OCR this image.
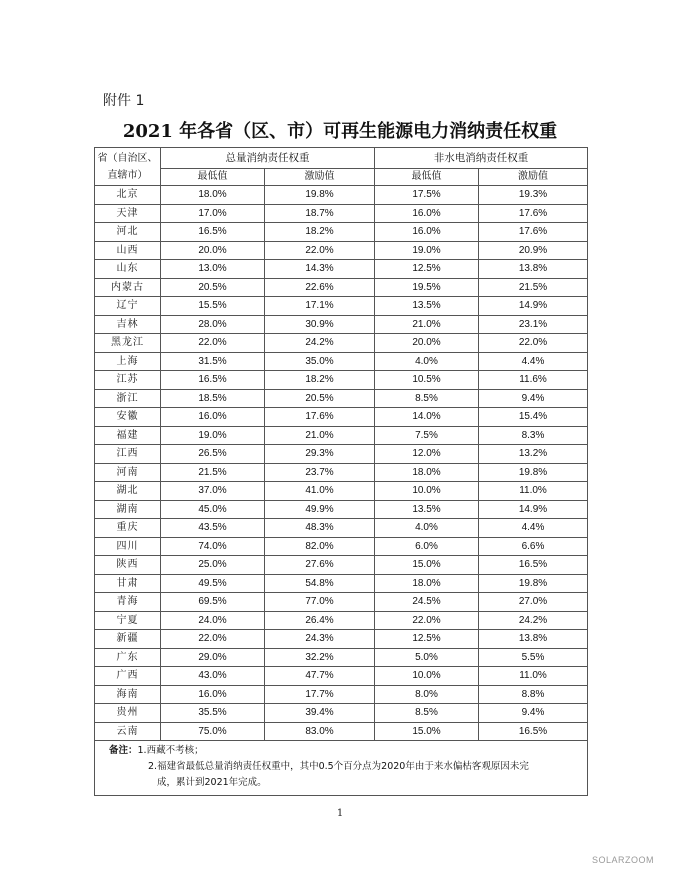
附件 1
2021 年各省（区、市）可再生能源电力消纳责任权重
省（自治区、
直辖市）	总量消纳责任权重		非水电消纳责任权重	
	最低值	激励值	最低值	激励值
北京	18.0%	19.8%	17.5%	19.3%
天津	17.0%	18.7%	16.0%	17.6%
河北	16.5%	18.2%	16.0%	17.6%
山西	20.0%	22.0%	19.0%	20.9%
山东	13.0%	14.3%	12.5%	13.8%
内蒙古	20.5%	22.6%	19.5%	21.5%
辽宁	15.5%	17.1%	13.5%	14.9%
吉林	28.0%	30.9%	21.0%	23.1%
黑龙江	22.0%	24.2%	20.0%	22.0%
上海	31.5%	35.0%	4.0%	4.4%
江苏	16.5%	18.2%	10.5%	11.6%
浙江	18.5%	20.5%	8.5%	9.4%
安徽	16.0%	17.6%	14.0%	15.4%
福建	19.0%	21.0%	7.5%	8.3%
江西	26.5%	29.3%	12.0%	13.2%
河南	21.5%	23.7%	18.0%	19.8%
湖北	37.0%	41.0%	10.0%	11.0%
湖南	45.0%	49.9%	13.5%	14.9%
重庆	43.5%	48.3%	4.0%	4.4%
四川	74.0%	82.0%	6.0%	6.6%
陕西	25.0%	27.6%	15.0%	16.5%
甘肃	49.5%	54.8%	18.0%	19.8%
青海	69.5%	77.0%	24.5%	27.0%
宁夏	24.0%	26.4%	22.0%	24.2%
新疆	22.0%	24.3%	12.5%	13.8%
广东	29.0%	32.2%	5.0%	5.5%
广西	43.0%	47.7%	10.0%	11.0%
海南	16.0%	17.7%	8.0%	8.8%
贵州	35.5%	39.4%	8.5%	9.4%
云南	75.0%	83.0%	15.0%	16.5%

备注：1.西藏不考核；
2.福建省最低总量消纳责任权重中，其中0.5个百分点为2020年由于来水偏枯客观原因未完
成，累计到2021年完成。				
1
SOLARZOOM
